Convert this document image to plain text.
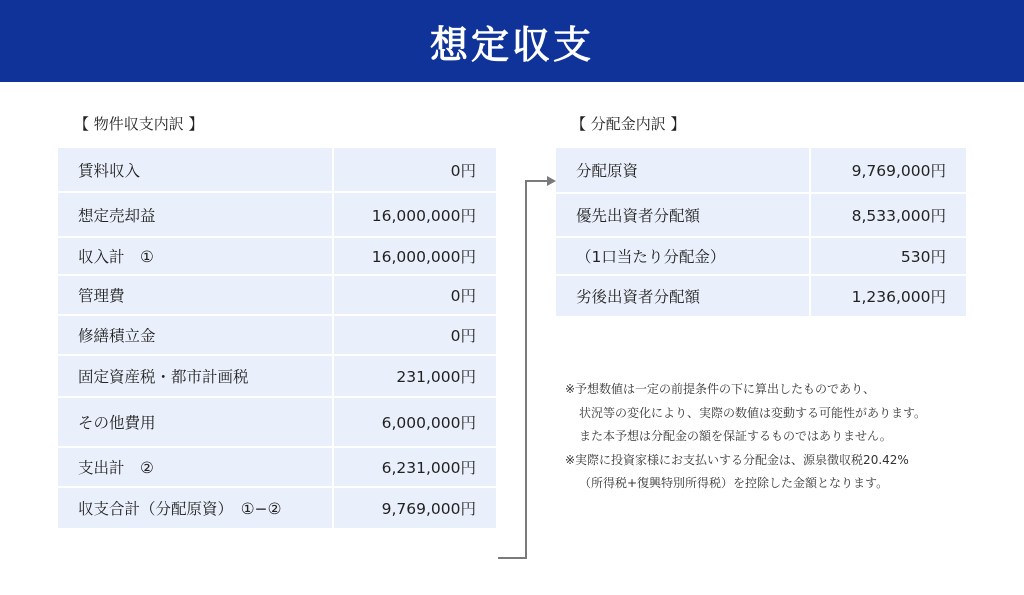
想定収支
【 物件収支内訳 】	【 分配金内訳 】
賃料収入	0円
想定売却益	16,000,000円
収入計　①	16,000,000円
管理費	0円
修繕積立金	0円
固定資産税・都市計画税	231,000円
その他費用	6,000,000円
支出計　②	6,231,000円
収支合計（分配原資）　①−②	9,769,000円
分配原資	9,769,000円
優先出資者分配額	8,533,000円
（1口当たり分配金）	530円
劣後出資者分配額	1,236,000円
※予想数値は一定の前提条件の下に算出したものであり、
状況等の変化により、実際の数値は変動する可能性があります。
また本予想は分配金の額を保証するものではありません。
※実際に投資家様にお支払いする分配金は、源泉徴収税20.42%
（所得税+復興特別所得税）を控除した金額となります。
